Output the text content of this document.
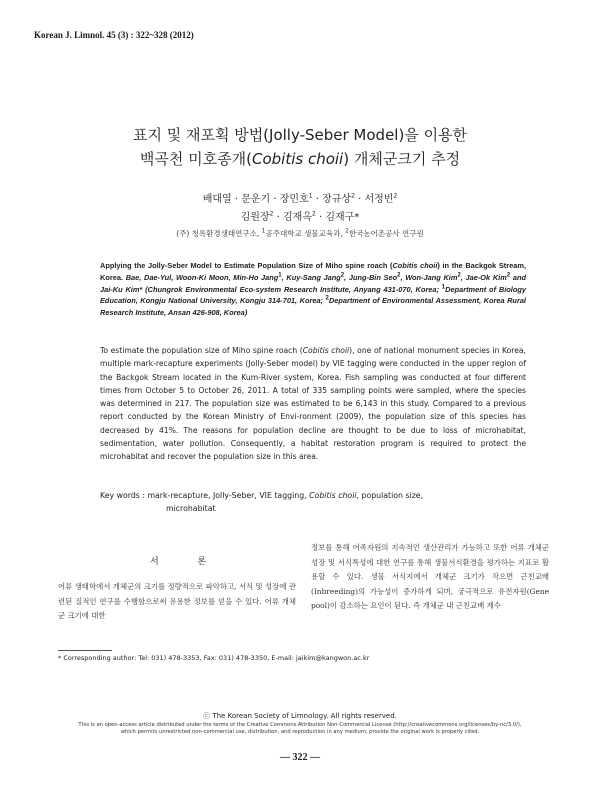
Korean J. Limnol. 45 (3) : 322~328 (2012)
표지 및 재포획 방법(Jolly-Seber Model)을 이용한
백곡천 미호종개(Cobitis choii) 개체군크기 추정
배대열 · 문운기 · 장민호$^1$ · 장규상$^2$ · 서정빈$^2$
김원장$^2$ · 김재옥$^2$ · 김재구*
(주) 청록환경생태연구소, $^1$공주대학교 생물교육과, $^2$한국농어촌공사 연구원
Applying the Jolly-Seber Model to Estimate Population Size of Miho spine roach (Cobitis choii) in the Backgok Stream, Korea. Bae, Dae-Yul, Woon-Ki Moon, Min-Ho Jang$^1$, Kuy-Sang Jang$^2$, Jung-Bin Seo$^2$, Won-Jang Kim$^2$, Jae-Ok Kim$^2$ and Jai-Ku Kim* (Chungrok Environmental Eco-system Research Institute, Anyang 431-070, Korea; $^1$Department of Biology Education, Kongju National University, Kongju 314-701, Korea; $^2$Department of Environmental Assessment, Korea Rural Research Institute, Ansan 426-908, Korea)
To estimate the population size of Miho spine roach (Cobitis choii), one of national monument species in Korea, multiple mark-recapture experiments (Jolly-Seber model) by VIE tagging were conducted in the upper region of the Backgok Stream located in the Kum-River system, Korea. Fish sampling was conducted at four different times from October 5 to October 26, 2011. A total of 335 sampling points were sampled, where the species was determined in 217. The population size was estimated to be 6,143 in this study. Compared to a previous report conducted by the Korean Ministry of Envi-ronment (2009), the population size of this species has decreased by 41%. The reasons for population decline are thought to be due to loss of microhabitat, sedimentation, water pollution. Consequently, a habitat restoration program is required to protect the microhabitat and recover the population size in this area.
Key words : mark-recapture, Jolly-Seber, VIE tagging, Cobitis choii, population size,
microhabitat
서 론
어류 생태학에서 개체군의 크기를 정량적으로 파악하고, 서식 및 성장에 관련된 질적인 연구를 수행함으로써 유용한 정보를 얻을 수 있다. 어류 개체군 크기에 대한
정보를 통해 어족자원의 지속적인 생산관리가 가능하고 또한 어류 개체군 성장 및 서식특성에 대한 연구를 통해 생물서식환경을 평가하는 지표로 활용할 수 있다. 생물 서식지에서 개체군 크기가 작으면 근친교배(Inbreeding)의 가능성이 증가하게 되며, 궁극적으로 유전자원(Gene pool)이 감소하는 요인이 된다. 즉 개체군 내 근친교배 계수
* Corresponding author: Tel: 031) 478-3353, Fax: 031) 478-3350, E-mail: jaikim@kangwon.ac.kr
ⓒ The Korean Society of Limnology. All rights reserved.
This is an open-access article distributed under the terms of the Creative Commons Attribution Non-Commercial License (http://creativecommons.org/licenses/by-nc/3.0/),
which permits unrestricted non-commercial use, distribution, and reproduction in any medium, provide the original work is properly cited.
— 322 —
